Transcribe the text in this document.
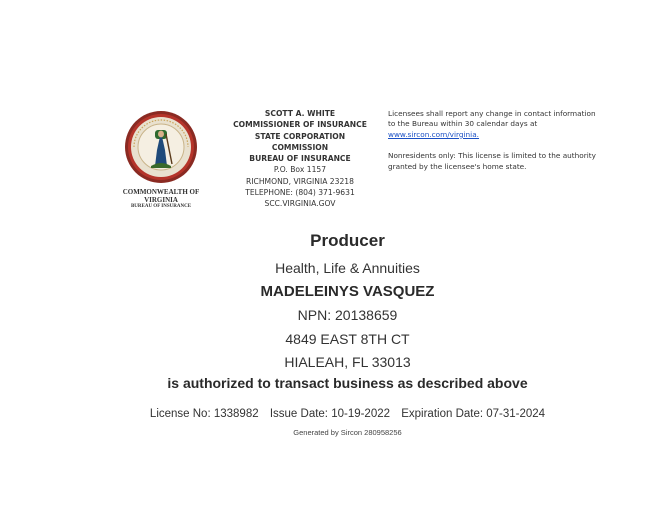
COMMONWEALTH OF
VIRGINIA
BUREAU OF INSURANCE
SCOTT A. WHITE
COMMISSIONER OF INSURANCE
STATE CORPORATION
COMMISSION
BUREAU OF INSURANCE
P.O. Box 1157
RICHMOND, VIRGINIA 23218
TELEPHONE: (804) 371-9631
SCC.VIRGINIA.GOV

Licensees shall report any change in contact information to the Bureau within 30 calendar days at www.sircon.com/virginia.

Nonresidents only: This license is limited to the authority granted by the licensee's home state.

Producer
Health, Life & Annuities
MADELEINYS VASQUEZ
NPN: 20138659
4849 EAST 8TH CT
HIALEAH, FL 33013
is authorized to transact business as described above
License No: 1338982 Issue Date: 10-19-2022 Expiration Date: 07-31-2024
Generated by Sircon 280958256
